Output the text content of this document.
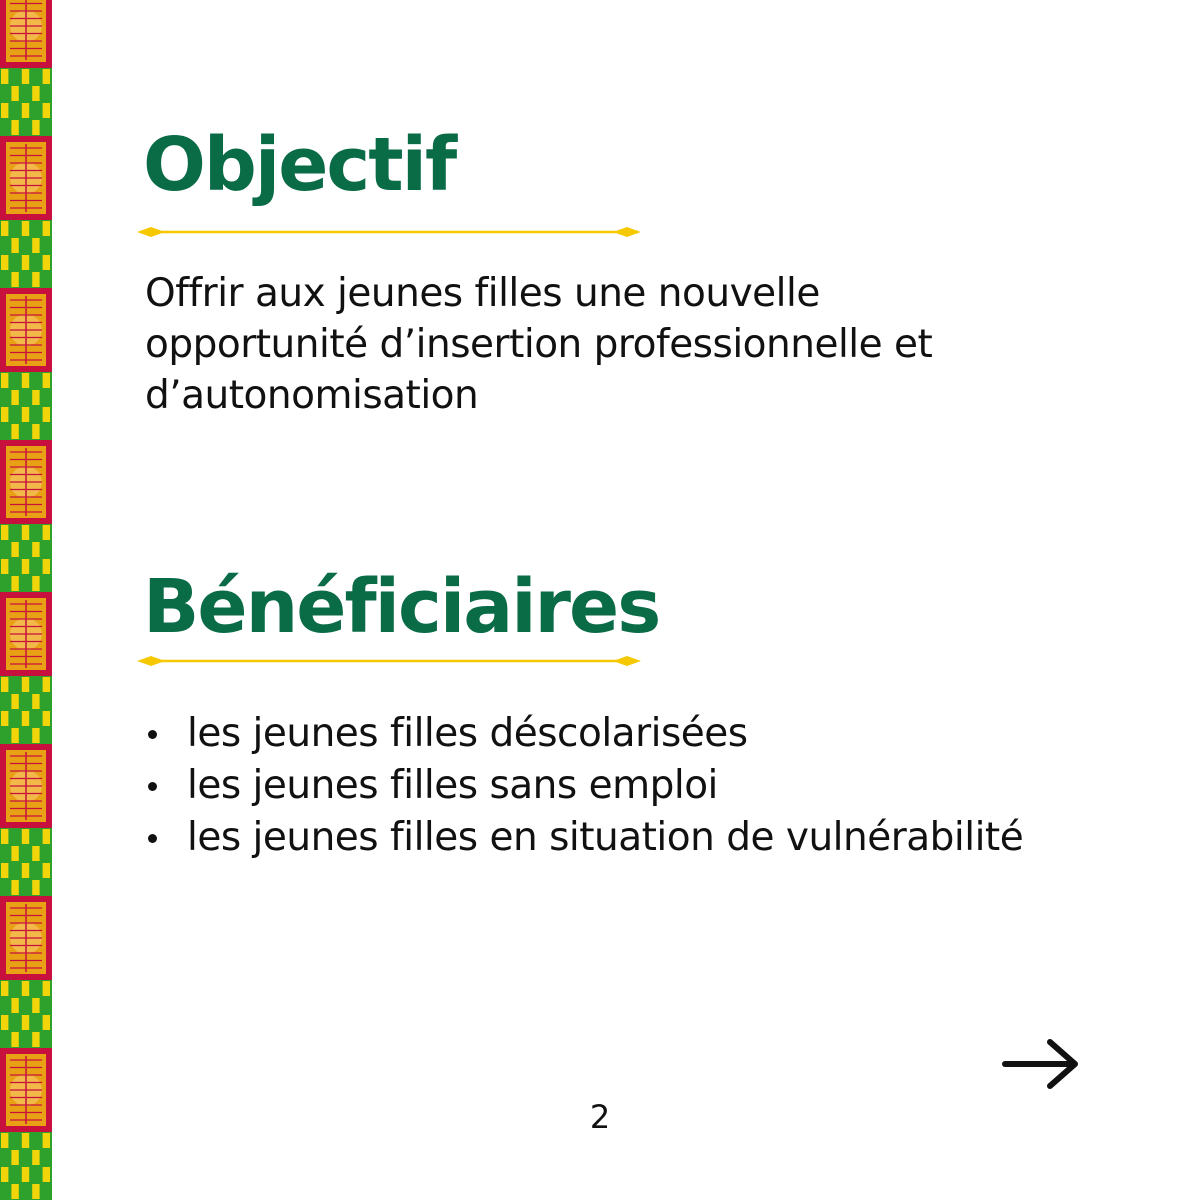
Objectif

Offrir aux jeunes filles une nouvelle opportunité d’insertion professionnelle et d’autonomisation

Bénéficiaires
les jeunes filles déscolarisées
les jeunes filles sans emploi
les jeunes filles en situation de vulnérabilité
2
